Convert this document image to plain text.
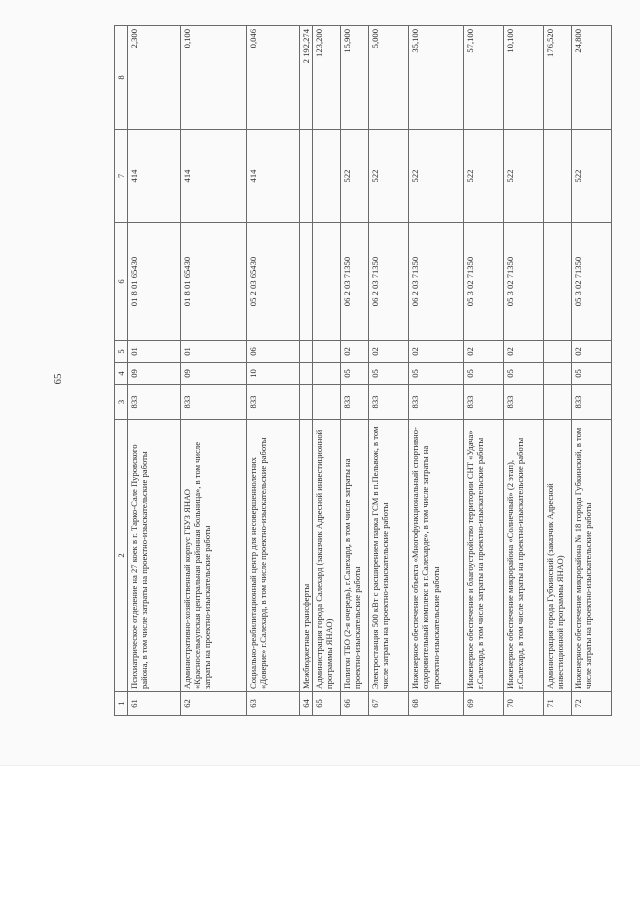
65
1	2	3	4	5	6	7	8
61	Психиатрическое отделение на 27 коек в г. Тарко-Сале Пуровского района, в том числе затраты на проектно-изыскательские работы	833	09	01	01 8 01 65430	414	2,300
62	Административно-хозяйственный корпус ГБУЗ ЯНАО «Красноселькупская центральная районная больница», в том числе затраты на проектно-изыскательские работы	833	09	01	01 8 01 65430	414	0,100
63	Социально-реабилитационный центр для несовершеннолетних «Доверие» г.Салехард, в том числе проектно-изыскательские работы	833	10	06	05 2 03 65430	414	0,046
64	Межбюджетные трансферты						2 192,274
65	Администрация города Салехард (заказчик Адресной инвестиционной программы ЯНАО)						123,200
66	Полигон ТБО (2-я очередь), г.Салехард, в том числе затраты на проектно-изыскательские работы	833	05	02	06 2 03 71350	522	15,900
67	Электростанция 500 кВт с расширением парка ГСМ в п.Пельвож, в том числе затраты на проектно-изыскательские работы	833	05	02	06 2 03 71350	522	5,000
68	Инженерное обеспечение объекта «Многофункциональный спортивно-оздоровительный комплекс в г.Салехарде», в том числе затраты на проектно-изыскательские работы	833	05	02	06 2 03 71350	522	35,100
69	Инженерное обеспечение и благоустройство территории СНТ «Удача» г.Салехард, в том числе затраты на проектно-изыскательские работы	833	05	02	05 3 02 71350	522	57,100
70	Инженерное обеспечение микрорайона «Солнечный» (2 этап), г.Салехард, в том числе затраты на проектно-изыскательские работы	833	05	02	05 3 02 71350	522	10,100
71	Администрация города Губкинский (заказчик Адресной инвестиционной программы ЯНАО)						176,520
72	Инженерное обеспечение микрорайона № 18 города Губкинский, в том числе затраты на проектно-изыскательские работы	833	05	02	05 3 02 71350	522	24,800
